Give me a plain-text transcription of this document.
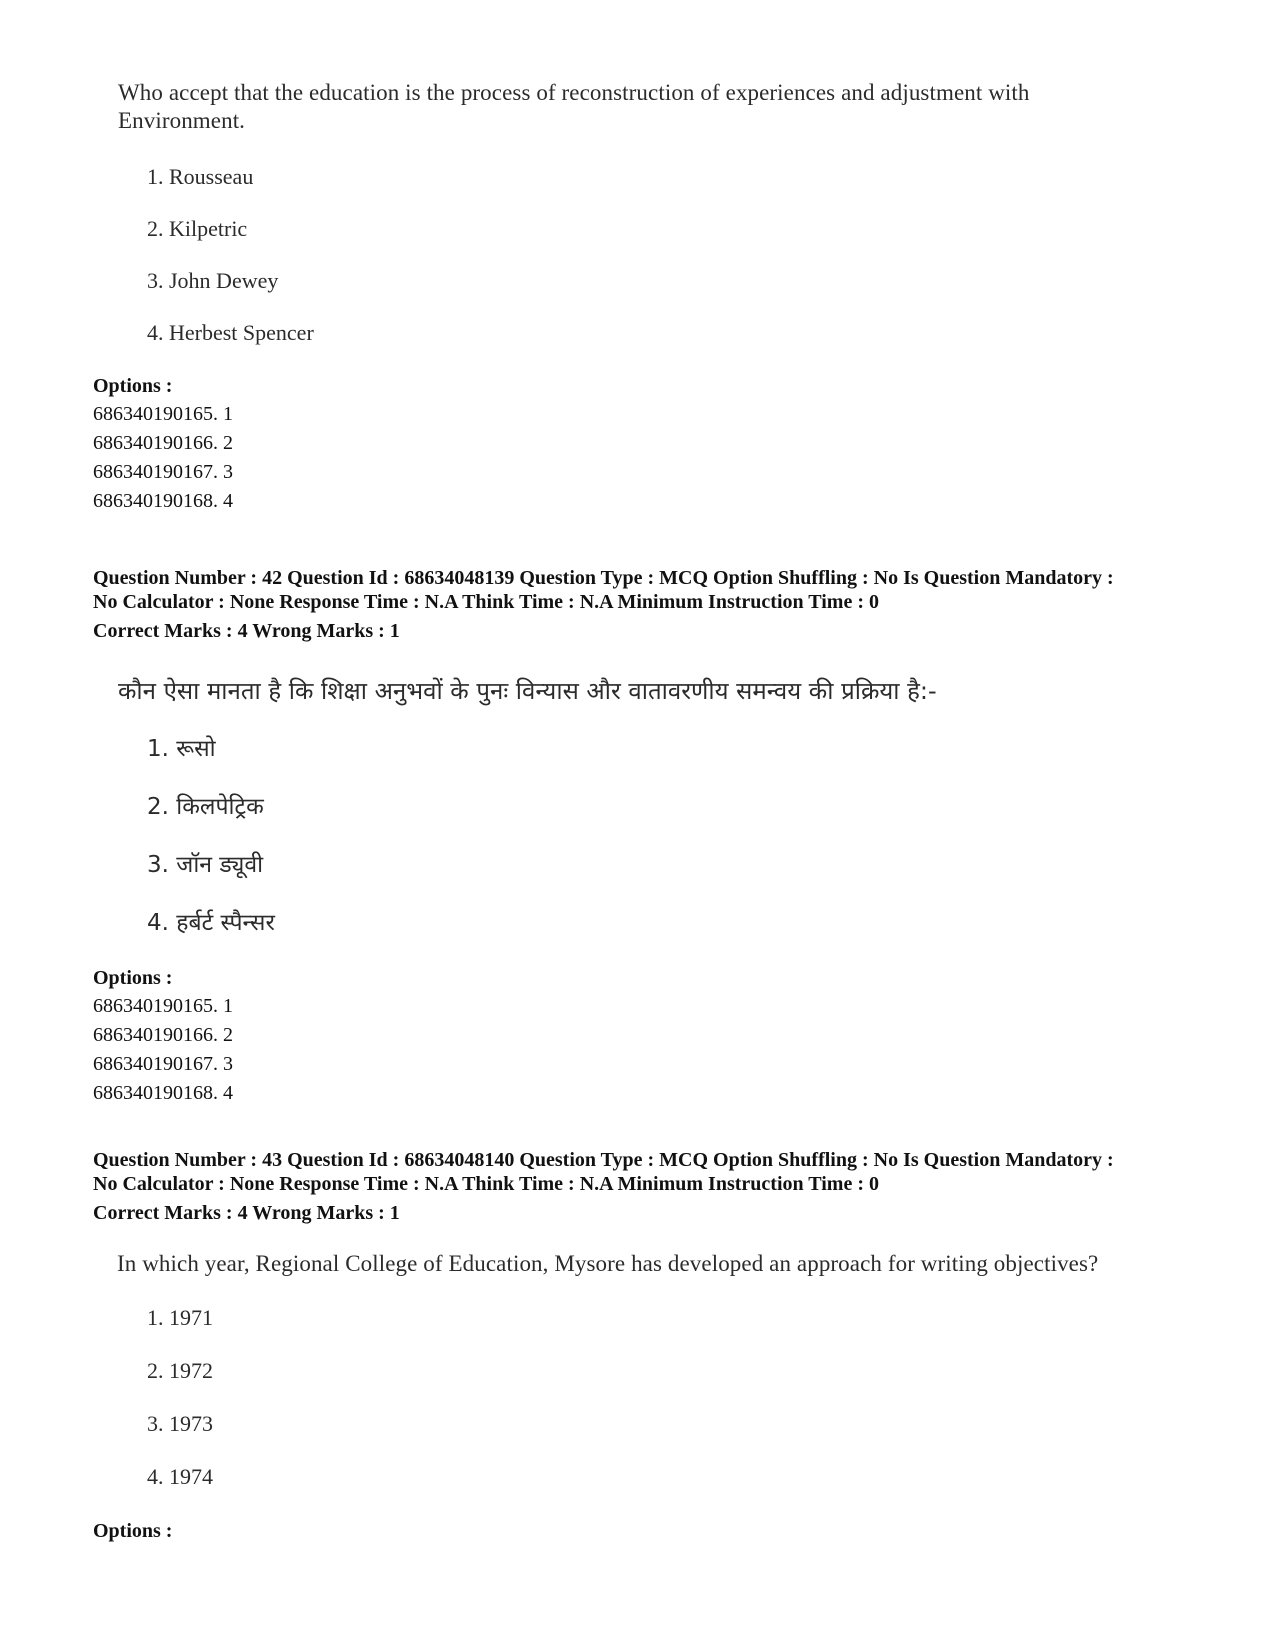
Who accept that the education is the process of reconstruction of experiences and adjustment with Environment.
1. Rousseau
2. Kilpetric
3. John Dewey
4. Herbest Spencer
Options :
686340190165. 1
686340190166. 2
686340190167. 3
686340190168. 4
Question Number : 42 Question Id : 68634048139 Question Type : MCQ Option Shuffling : No Is Question Mandatory :
No Calculator : None Response Time : N.A Think Time : N.A Minimum Instruction Time : 0
Correct Marks : 4 Wrong Marks : 1
कौन ऐसा मानता है कि शिक्षा अनुभवों के पुनः विन्यास और वातावरणीय समन्वय की प्रक्रिया है:-
1. रूसो
2. किलपेट्रिक
3. जॉन ड्यूवी
4. हर्बर्ट स्पैन्सर
Options :
686340190165. 1
686340190166. 2
686340190167. 3
686340190168. 4
Question Number : 43 Question Id : 68634048140 Question Type : MCQ Option Shuffling : No Is Question Mandatory :
No Calculator : None Response Time : N.A Think Time : N.A Minimum Instruction Time : 0
Correct Marks : 4 Wrong Marks : 1
In which year, Regional College of Education, Mysore has developed an approach for writing objectives?
1. 1971
2. 1972
3. 1973
4. 1974
Options :
